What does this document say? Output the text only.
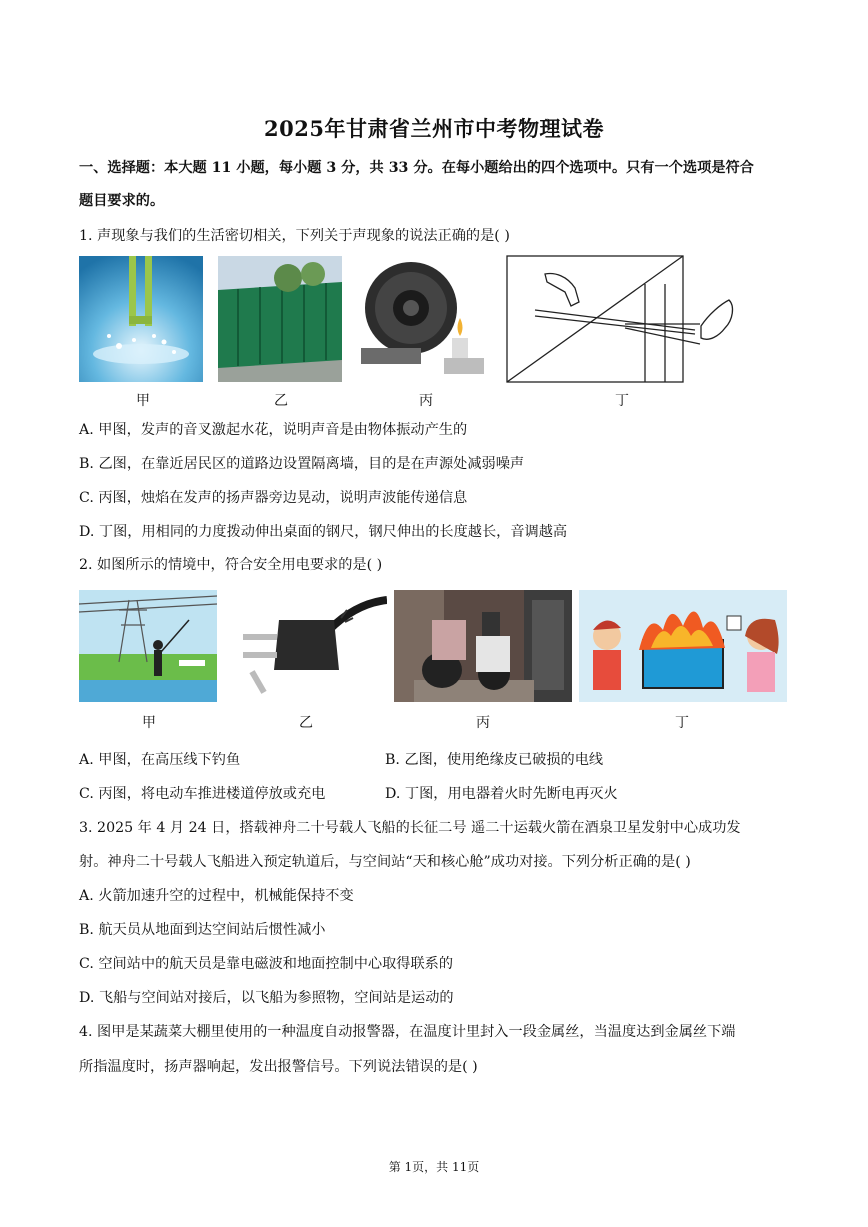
2025年甘肃省兰州市中考物理试卷
一、选择题：本大题 11 小题，每小题 3 分，共 33 分。在每小题给出的四个选项中。只有一个选项是符合
题目要求的。
1. 声现象与我们的生活密切相关，下列关于声现象的说法正确的是( )
甲	乙	丙	丁
A. 甲图，发声的音叉激起水花，说明声音是由物体振动产生的
B. 乙图，在靠近居民区的道路边设置隔离墙，目的是在声源处减弱噪声
C. 丙图，烛焰在发声的扬声器旁边晃动，说明声波能传递信息
D. 丁图，用相同的力度拨动伸出桌面的钢尺，钢尺伸出的长度越长，音调越高
2. 如图所示的情境中，符合安全用电要求的是( )
甲	乙	丙	丁
A. 甲图，在高压线下钓鱼	B. 乙图，使用绝缘皮已破损的电线
C. 丙图，将电动车推进楼道停放或充电	D. 丁图，用电器着火时先断电再灭火
3. 2025 年 4 月 24 日，搭载神舟二十号载人飞船的长征二号 遥二十运载火箭在酒泉卫星发射中心成功发
射。神舟二十号载人飞船进入预定轨道后，与空间站“天和核心舱”成功对接。下列分析正确的是( )
A. 火箭加速升空的过程中，机械能保持不变
B. 航天员从地面到达空间站后惯性减小
C. 空间站中的航天员是靠电磁波和地面控制中心取得联系的
D. 飞船与空间站对接后，以飞船为参照物，空间站是运动的
4. 图甲是某蔬菜大棚里使用的一种温度自动报警器，在温度计里封入一段金属丝，当温度达到金属丝下端
所指温度时，扬声器响起，发出报警信号。下列说法错误的是( )
第 1页，共 11页
